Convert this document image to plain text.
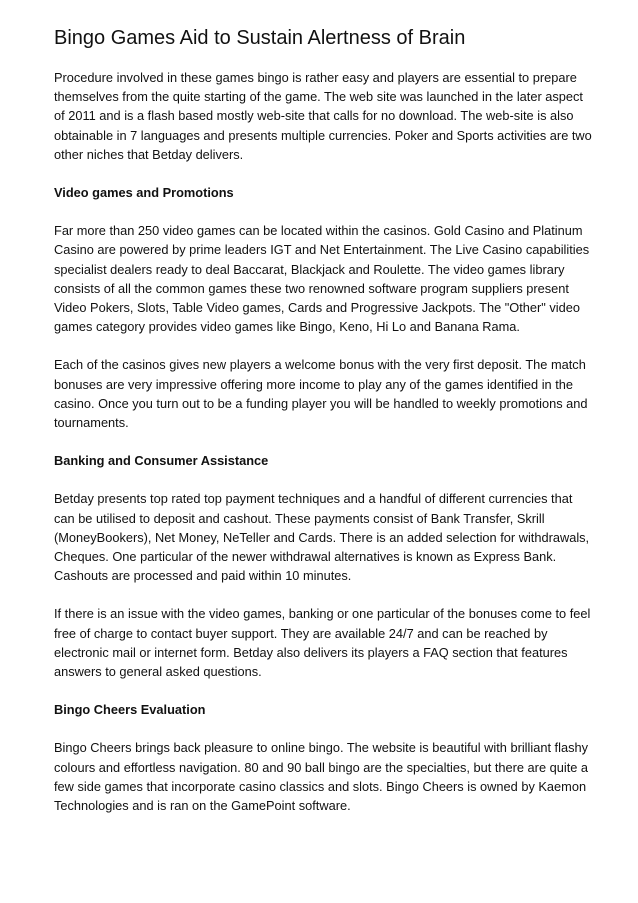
Bingo Games Aid to Sustain Alertness of Brain

Procedure involved in these games bingo is rather easy and players are essential to prepare themselves from the quite starting of the game. The web site was launched in the later aspect of 2011 and is a flash based mostly web-site that calls for no download. The web-site is also obtainable in 7 languages and presents multiple currencies. Poker and Sports activities are two other niches that Betday delivers.

Video games and Promotions

Far more than 250 video games can be located within the casinos. Gold Casino and Platinum Casino are powered by prime leaders IGT and Net Entertainment. The Live Casino capabilities specialist dealers ready to deal Baccarat, Blackjack and Roulette. The video games library consists of all the common games these two renowned software program suppliers present Video Pokers, Slots, Table Video games, Cards and Progressive Jackpots. The "Other" video games category provides video games like Bingo, Keno, Hi Lo and Banana Rama.

Each of the casinos gives new players a welcome bonus with the very first deposit. The match bonuses are very impressive offering more income to play any of the games identified in the casino. Once you turn out to be a funding player you will be handled to weekly promotions and tournaments.

Banking and Consumer Assistance

Betday presents top rated top payment techniques and a handful of different currencies that can be utilised to deposit and cashout. These payments consist of Bank Transfer, Skrill (MoneyBookers), Net Money, NeTeller and Cards. There is an added selection for withdrawals, Cheques. One particular of the newer withdrawal alternatives is known as Express Bank. Cashouts are processed and paid within 10 minutes.

If there is an issue with the video games, banking or one particular of the bonuses come to feel free of charge to contact buyer support. They are available 24/7 and can be reached by electronic mail or internet form. Betday also delivers its players a FAQ section that features answers to general asked questions.

Bingo Cheers Evaluation

Bingo Cheers brings back pleasure to online bingo. The website is beautiful with brilliant flashy colours and effortless navigation. 80 and 90 ball bingo are the specialties, but there are quite a few side games that incorporate casino classics and slots. Bingo Cheers is owned by Kaemon Technologies and is ran on the GamePoint software.
